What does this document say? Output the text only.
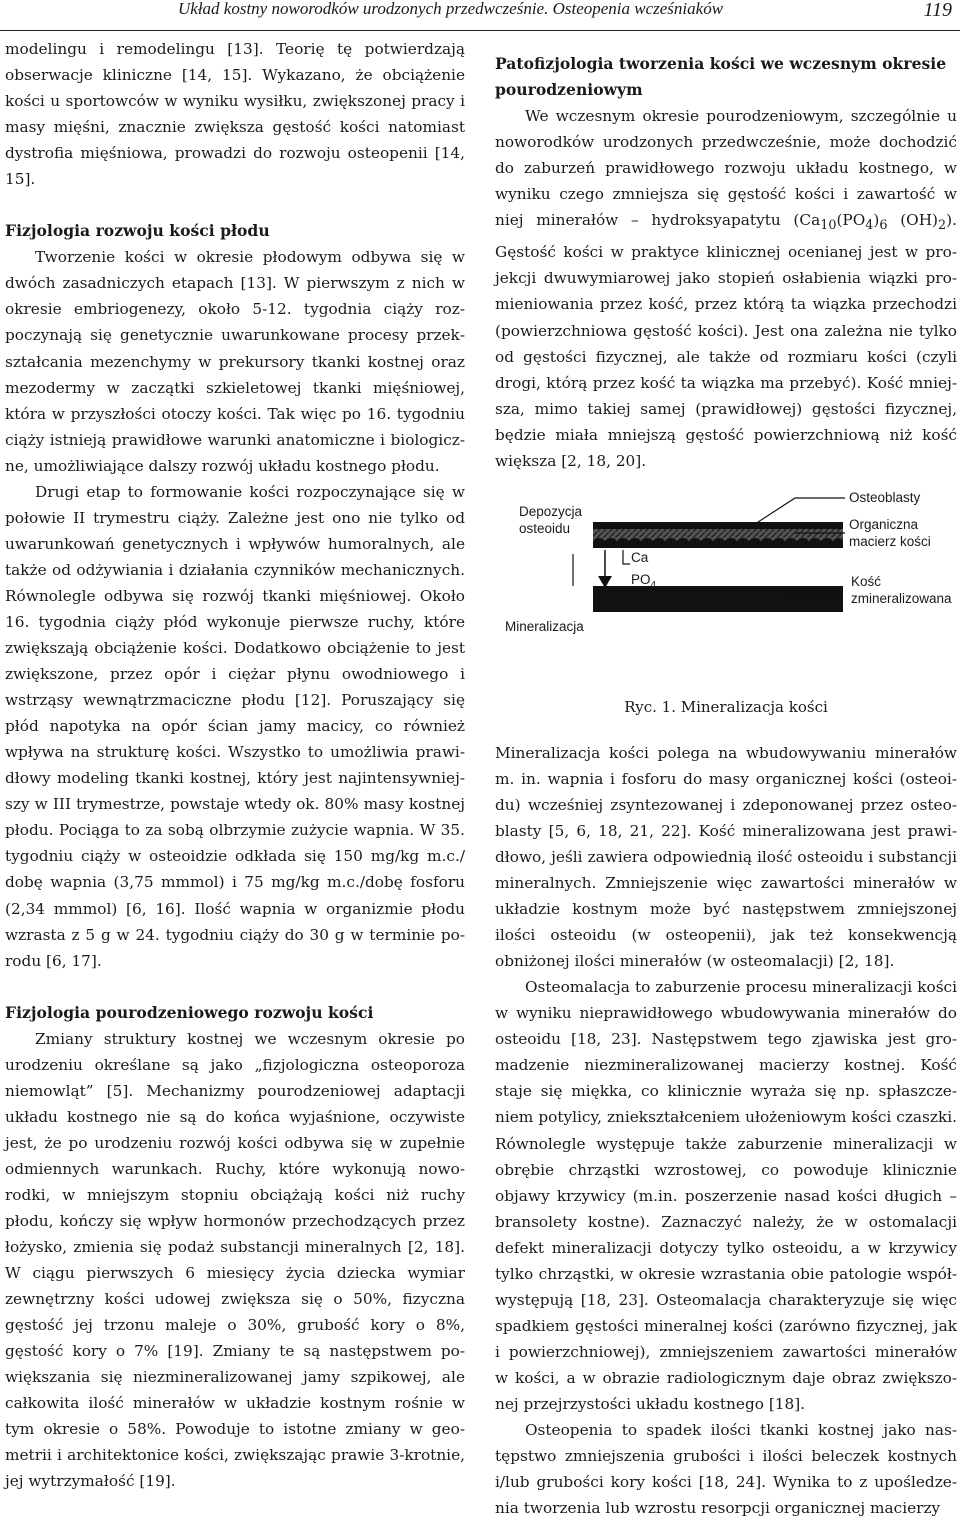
Układ kostny noworodków urodzonych przedwcześnie. Osteopenia wcześniaków	119

modelingu i remodelingu [13]. Teorię tę potwierdzają obserwacje kliniczne [14, 15]. Wykazano, że obciążenie kości u sportowców w wyniku wysiłku, zwiększonej pracy i masy mięśni, znacznie zwiększa gęstość kości natomiast dystrofia mięśniowa, prowadzi do rozwoju osteopenii [14, 15].

Fizjologia rozwoju kości płodu

Tworzenie kości w okresie płodowym odbywa się w dwóch zasadniczych etapach [13]. W pierwszym z nich w okresie embriogenezy, około 5-12. tygodnia ciąży rozpoczynają się genetycznie uwarunkowane procesy przekształcania mezenchymy w prekursory tkanki kostnej oraz mezodermy w zaczątki szkieletowej tkanki mięśniowej, która w przyszłości otoczy kości. Tak więc po 16. tygodniu ciąży istnieją prawidłowe warunki anatomiczne i biologiczne, umożliwiające dalszy rozwój układu kostnego płodu.

Drugi etap to formowanie kości rozpoczynające się w połowie II trymestru ciąży. Zależne jest ono nie tylko od uwarunkowań genetycznych i wpływów humoralnych, ale także od odżywiania i działania czynników mechanicznych. Równolegle odbywa się rozwój tkanki mięśniowej. Około 16. tygodnia ciąży płód wykonuje pierwsze ruchy, które zwiększają obciążenie kości. Dodatkowo obciążenie to jest zwiększone, przez opór i ciężar płynu owodniowego i wstrząsy wewnątrzmaciczne płodu [12]. Poruszający się płód napotyka na opór ścian jamy macicy, co również wpływa na strukturę kości. Wszystko to umożliwia prawidłowy modeling tkanki kostnej, który jest najintensywniejszy w III trymestrze, powstaje wtedy ok. 80% masy kostnej płodu. Pociąga to za sobą olbrzymie zużycie wapnia. W 35. tygodniu ciąży w osteoidzie odkłada się 150 mg/kg m.c./ dobę wapnia (3,75 mmmol) i 75 mg/kg m.c./dobę fosforu (2,34 mmmol) [6, 16]. Ilość wapnia w organizmie płodu wzrasta z 5 g w 24. tygodniu ciąży do 30 g w terminie porodu [6, 17].

Fizjologia pourodzeniowego rozwoju kości

Zmiany struktury kostnej we wczesnym okresie po urodzeniu określane są jako „fizjologiczna osteoporoza niemowląt” [5]. Mechanizmy pourodzeniowej adaptacji układu kostnego nie są do końca wyjaśnione, oczywiste jest, że po urodzeniu rozwój kości odbywa się w zupełnie odmiennych warunkach. Ruchy, które wykonują noworodki, w mniejszym stopniu obciążają kości niż ruchy płodu, kończy się wpływ hormonów przechodzących przez łożysko, zmienia się podaż substancji mineralnych [2, 18]. W ciągu pierwszych 6 miesięcy życia dziecka wymiar zewnętrzny kości udowej zwiększa się o 50%, fizyczna gęstość jej trzonu maleje o 30%, grubość kory o 8%, gęstość kory o 7% [19]. Zmiany te są następstwem powiększania się niezmineralizowanej jamy szpikowej, ale całkowita ilość minerałów w układzie kostnym rośnie w tym okresie o 58%. Powoduje to istotne zmiany w geometrii i architektonice kości, zwiększając prawie 3-krotnie, jej wytrzymałość [19].

Patofizjologia tworzenia kości we wczesnym okresie pourodzeniowym

We wczesnym okresie pourodzeniowym, szczególnie u noworodków urodzonych przedwcześnie, może dochodzić do zaburzeń prawidłowego rozwoju układu kostnego, w wyniku czego zmniejsza się gęstość kości i zawartość w niej minerałów – hydroksyapatytu ($Ca_{10}(PO_4)_6$ $(OH)_2$). Gęstość kości w praktyce klinicznej ocenianej jest w projekcji dwuwymiarowej jako stopień osłabienia wiązki promieniowania przez kość, przez którą ta wiązka przechodzi (powierzchniowa gęstość kości). Jest ona zależna nie tylko od gęstości fizycznej, ale także od rozmiaru kości (czyli drogi, którą przez kość ta wiązka ma przebyć). Kość mniejsza, mimo takiej samej (prawidłowej) gęstości fizycznej, będzie miała mniejszą gęstość powierzchniową niż kość większa [2, 18, 20].

Osteoblasty
Organiczna
macierz kości
Depozycja
osteoidu
Ca
$PO_4$	Kość
zmineralizowana
Mineralizacja
Ryc. 1. Mineralizacja kości

Mineralizacja kości polega na wbudowywaniu minerałów m. in. wapnia i fosforu do masy organicznej kości (osteoidu) wcześniej zsyntezowanej i zdeponowanej przez osteoblasty [5, 6, 18, 21, 22]. Kość mineralizowana jest prawidłowo, jeśli zawiera odpowiednią ilość osteoidu i substancji mineralnych. Zmniejszenie więc zawartości minerałów w układzie kostnym może być następstwem zmniejszonej ilości osteoidu (w osteopenii), jak też konsekwencją obniżonej ilości minerałów (w osteomalacji) [2, 18].

Osteomalacja to zaburzenie procesu mineralizacji kości w wyniku nieprawidłowego wbudowywania minerałów do osteoidu [18, 23]. Następstwem tego zjawiska jest gromadzenie niezmineralizowanej macierzy kostnej. Kość staje się miękka, co klinicznie wyraża się np. spłaszczeniem potylicy, zniekształceniem ułożeniowym kości czaszki. Równolegle występuje także zaburzenie mineralizacji w obrębie chrząstki wzrostowej, co powoduje klinicznie objawy krzywicy (m.in. poszerzenie nasad kości długich – bransolety kostne). Zaznaczyć należy, że w ostomalacji defekt mineralizacji dotyczy tylko osteoidu, a w krzywicy tylko chrząstki, w okresie wzrastania obie patologie współwystępują [18, 23]. Osteomalacja charakteryzuje się więc spadkiem gęstości mineralnej kości (zarówno fizycznej, jak i powierzchniowej), zmniejszeniem zawartości minerałów w kości, a w obrazie radiologicznym daje obraz zwiększonej przejrzystości układu kostnego [18].

Osteopenia to spadek ilości tkanki kostnej jako następstwo zmniejszenia grubości i ilości beleczek kostnych i/lub grubości kory kości [18, 24]. Wynika to z upośledzenia tworzenia lub wzrostu resorpcji organicznej macierzy
